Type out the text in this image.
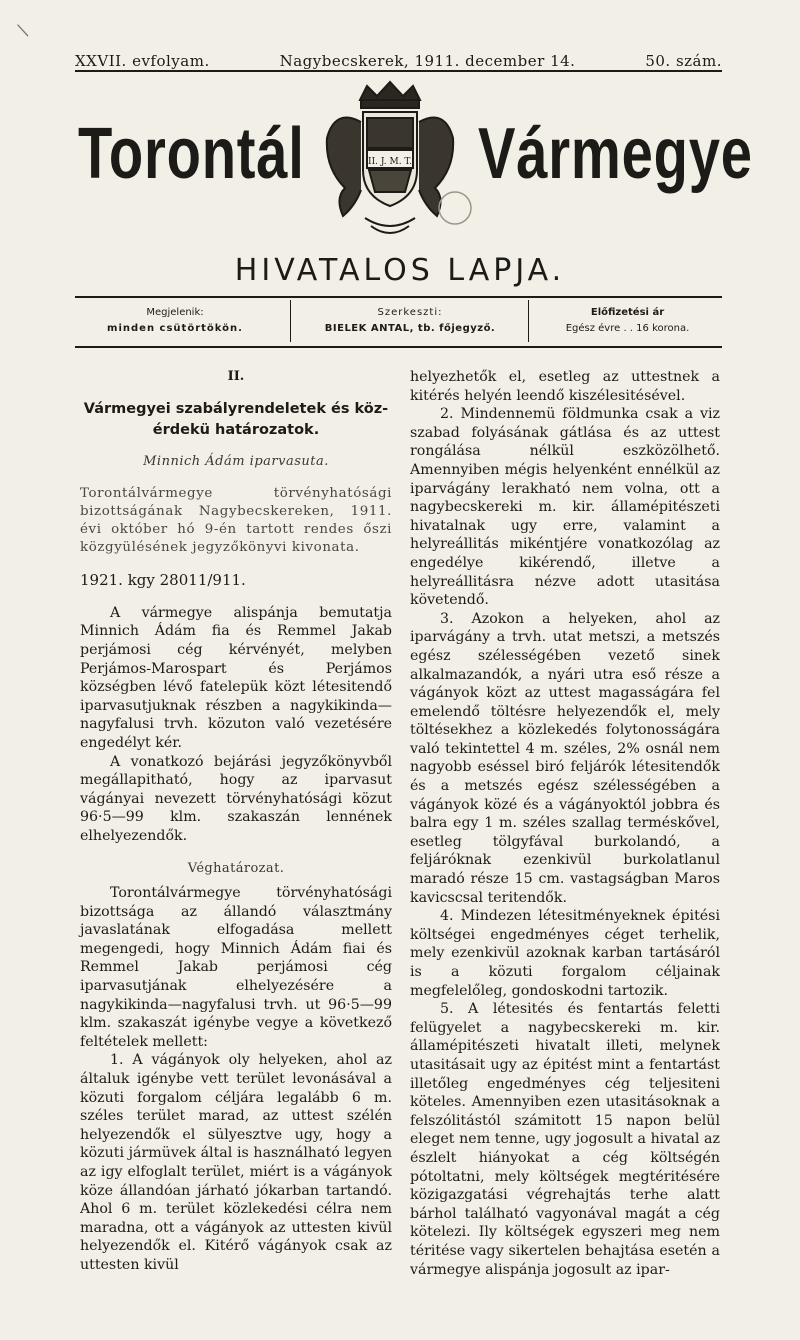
/
XXVII. evfolyam.	Nagybecskerek, 1911. december 14.	50. szám.
Torontál	II. J. M. T. Vármegye
HIVATALOS LAPJA.
Megjelenik:
minden csütörtökön.
Szerkeszti:
BIELEK ANTAL, tb. főjegyző.
Előfizetési ár
Egész évre . . 16 korona.

II.

Vármegyei szabályrendeletek és köz-érdekü határozatok.

Minnich Ádám iparvasuta.

Torontálvármegye törvényhatósági bizottságának Nagybecskereken, 1911. évi október hó 9-én tartott rendes őszi közgyülésének jegyzőkönyvi kivonata.

1921. kgy 28011/911.

A vármegye alispánja bemutatja Minnich Ádám fia és Remmel Jakab perjámosi cég kérvényét, melyben Perjámos-Marospart és Perjámos községben lévő fatelepük közt létesitendő iparvasutjuknak részben a nagykikinda—nagyfalusi trvh. közuton való vezetésére engedélyt kér.

A vonatkozó bejárási jegyzőkönyvből megállapitható, hogy az iparvasut vágányai nevezett törvényhatósági közut 96·5—99 klm. szakaszán lennének elhelyezendők.

Véghatározat.

Torontálvármegye törvényhatósági bizottsága az állandó választmány javaslatának elfogadása mellett megengedi, hogy Minnich Ádám fiai és Remmel Jakab perjámosi cég iparvasutjának elhelyezésére a nagykikinda—nagyfalusi trvh. ut 96·5—99 klm. szakaszát igénybe vegye a következő feltételek mellett:

1. A vágányok oly helyeken, ahol az általuk igénybe vett terület levonásával a közuti forgalom céljára legalább 6 m. széles terület marad, az uttest szélén helyezendők el sülyesztve ugy, hogy a közuti jármüvek által is használható legyen az igy elfoglalt terület, miért is a vágányok köze állandóan járható jókarban tartandó. Ahol 6 m. terület közlekedési célra nem maradna, ott a vágányok az uttesten kivül helyezendők el. Kitérő vágányok csak az uttesten kivül

helyezhetők el, esetleg az uttestnek a kitérés helyén leendő kiszélesitésével.

2. Mindennemü földmunka csak a viz szabad folyásának gátlása és az uttest rongálása nélkül eszközölhető. Amennyiben mégis helyenként ennélkül az iparvágány lerakható nem volna, ott a nagybecskereki m. kir. államépitészeti hivatalnak ugy erre, valamint a helyreállitás mikéntjére vonatkozólag az engedélye kikérendő, illetve a helyreállitásra nézve adott utasitása követendő.

3. Azokon a helyeken, ahol az iparvágány a trvh. utat metszi, a metszés egész szélességében vezető sinek alkalmazandók, a nyári utra eső része a vágányok közt az uttest magasságára fel emelendő töltésre helyezendők el, mely töltésekhez a közlekedés folytonosságára való tekintettel 4 m. széles, 2% osnál nem nagyobb eséssel biró feljárók létesitendők és a metszés egész szélességében a vágányok közé és a vágányoktól jobbra és balra egy 1 m. széles szallag terméskővel, esetleg tölgyfával burkolandó, a feljáróknak ezenkivül burkolatlanul maradó része 15 cm. vastagságban Maros kavicscsal teritendők.

4. Mindezen létesitményeknek épitési költségei engedményes céget terhelik, mely ezenkivül azoknak karban tartásáról is a közuti forgalom céljainak megfelelőleg, gondoskodni tartozik.

5. A létesités és fentartás feletti felügyelet a nagybecskereki m. kir. államépitészeti hivatalt illeti, melynek utasitásait ugy az épitést mint a fentartást illetőleg engedményes cég teljesiteni köteles. Amennyiben ezen utasitásoknak a felszólitástól számitott 15 napon belül eleget nem tenne, ugy jogosult a hivatal az észlelt hiányokat a cég költségén pótoltatni, mely költségek megtéritésére közigazgatási végrehajtás terhe alatt bárhol található vagyonával magát a cég kötelezi. Ily költségek egyszeri meg nem téritése vagy sikertelen behajtása esetén a vármegye alispánja jogosult az ipar-
